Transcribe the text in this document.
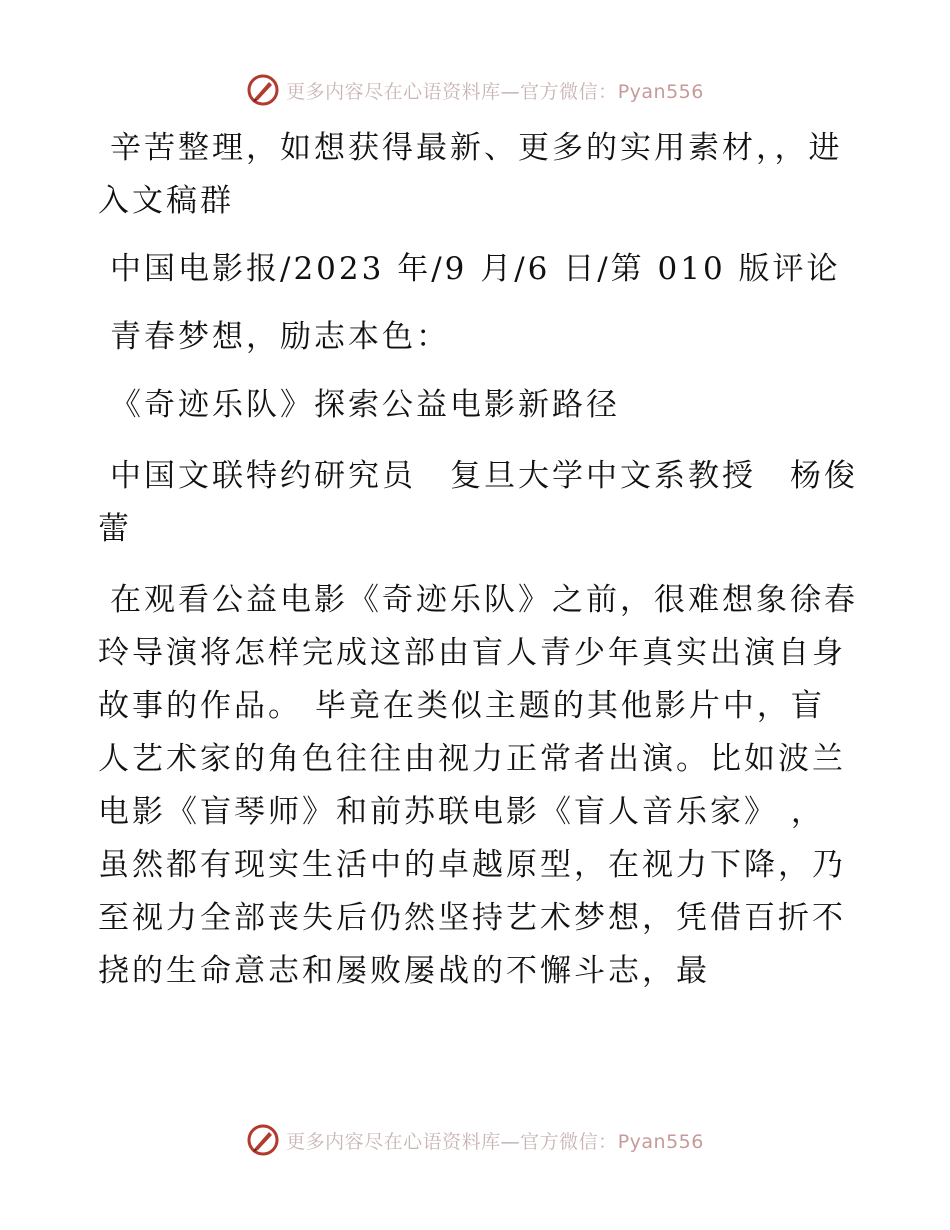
更多内容尽在心语资料库—官方微信：Pyan556

辛苦整理，如想获得最新、更多的实用素材，，进入文稿群

中国电影报/2023 年/9 月/6 日/第 010 版评论

青春梦想，励志本色：

《奇迹乐队》探索公益电影新路径

中国文联特约研究员　复旦大学中文系教授　杨俊蕾

在观看公益电影《奇迹乐队》之前，很难想象徐春玲导演将怎样完成这部由盲人青少年真实出演自身故事的作品。 毕竟在类似主题的其他影片中，盲人艺术家的角色往往由视力正常者出演。比如波兰电影《盲琴师》和前苏联电影《盲人音乐家》 ，虽然都有现实生活中的卓越原型，在视力下降，乃至视力全部丧失后仍然坚持艺术梦想，凭借百折不挠的生命意志和屡败屡战的不懈斗志，最

更多内容尽在心语资料库—官方微信：Pyan556
